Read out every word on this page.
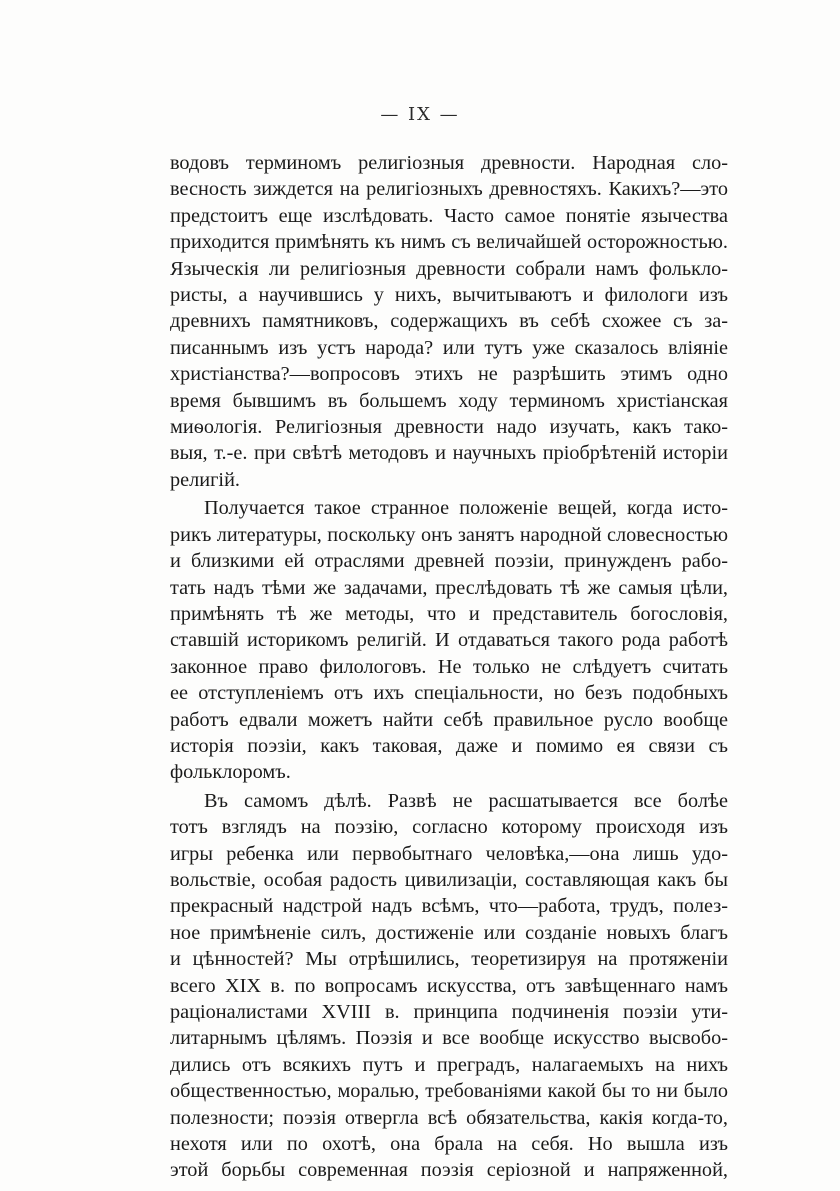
— IX —
водовъ терминомъ религiозныя древности. Народная сло-
весность зиждется на религiозныхъ древностяхъ. Какихъ?—это
предстоитъ еще изслѣдовать. Часто самое понятiе язычества
приходится примѣнять къ нимъ съ величайшей осторожностью.
Языческiя ли религiозныя древности собрали намъ фолькло-
ристы, а научившись у нихъ, вычитываютъ и филологи изъ
древнихъ памятниковъ, содержащихъ въ себѣ схожее съ за-
писаннымъ изъ устъ народа? или тутъ уже сказалось влiянiе
христiанства?—вопросовъ этихъ не разрѣшить этимъ одно
время бывшимъ въ большемъ ходу терминомъ христiанская
миѳологiя. Религiозныя древности надо изучать, какъ тако-
выя, т.-е. при свѣтѣ методовъ и научныхъ прiобрѣтенiй исторiи
религiй.
Получается такое странное положенiе вещей, когда исто-
рикъ литературы, поскольку онъ занятъ народной словесностью
и близкими ей отраслями древней поэзiи, принужденъ рабо-
тать надъ тѣми же задачами, преслѣдовать тѣ же самыя цѣли,
примѣнять тѣ же методы, что и представитель богословiя,
ставшiй историкомъ религiй. И отдаваться такого рода работѣ
законное право филологовъ. Не только не слѣдуетъ считать
ее отступленiемъ отъ ихъ спецiальности, но безъ подобныхъ
работъ едвали можетъ найти себѣ правильное русло вообще
исторiя поэзiи, какъ таковая, даже и помимо ея связи съ
фольклоромъ.
Въ самомъ дѣлѣ. Развѣ не расшатывается все болѣе
тотъ взглядъ на поэзiю, согласно которому происходя изъ
игры ребенка или первобытнаго человѣка,—она лишь удо-
вольствiе, особая радость цивилизацiи, составляющая какъ бы
прекрасный надстрой надъ всѣмъ, что—работа, трудъ, полез-
ное примѣненiе силъ, достиженiе или созданiе новыхъ благъ
и цѣнностей? Мы отрѣшились, теоретизируя на протяженiи
всего XIX в. по вопросамъ искусства, отъ завѣщеннаго намъ
рацiоналистами XVIII в. принципа подчиненiя поэзiи ути-
литарнымъ цѣлямъ. Поэзiя и все вообще искусство высвобо-
дились отъ всякихъ путъ и преградъ, налагаемыхъ на нихъ
общественностью, моралью, требованiями какой бы то ни было
полезности; поэзiя отвергла всѣ обязательства, какiя когда-то,
нехотя или по охотѣ, она брала на себя. Но вышла изъ
этой борьбы современная поэзiя серiозной и напряженной,
